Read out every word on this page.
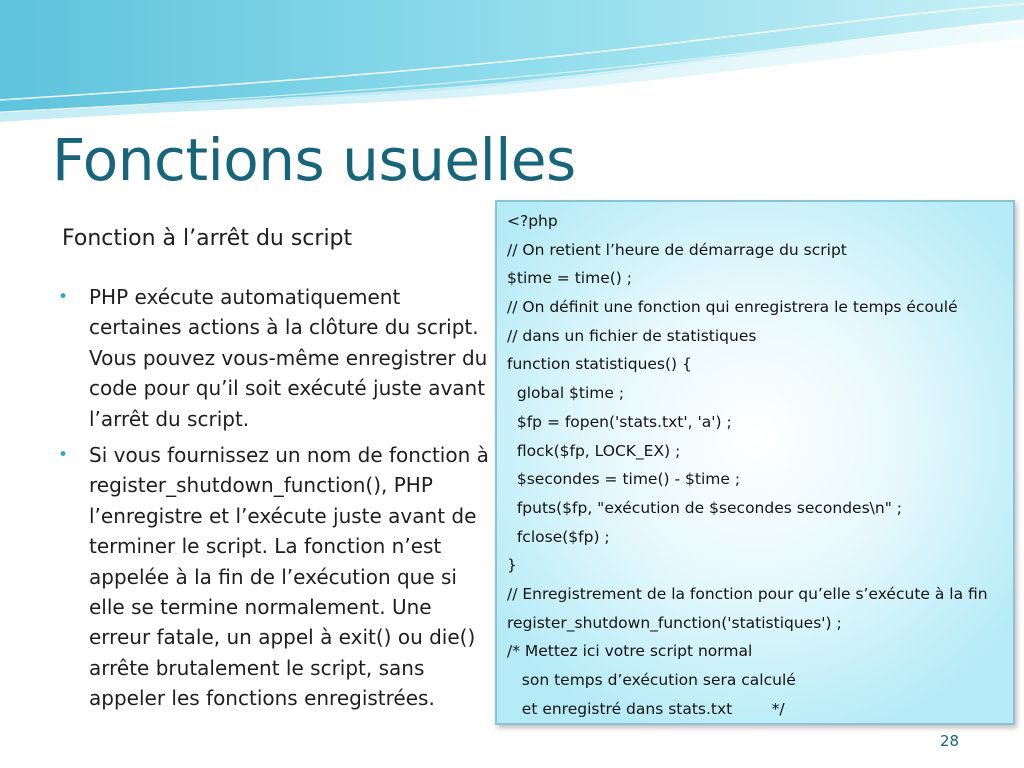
Fonctions usuelles
Fonction à l’arrêt du script
• PHP exécute automatiquement certaines actions à la clôture du script. Vous pouvez vous-même enregistrer du code pour qu’il soit exécuté juste avant l’arrêt du script.
• Si vous fournissez un nom de fonction à register_shutdown_function(), PHP l’enregistre et l’exécute juste avant de terminer le script. La fonction n’est appelée à la fin de l’exécution que si elle se termine normalement. Une erreur fatale, un appel à exit() ou die() arrête brutalement le script, sans appeler les fonctions enregistrées.
<?php
// On retient l’heure de démarrage du script
$time = time() ;
// On définit une fonction qui enregistrera le temps écoulé
// dans un fichier de statistiques
function statistiques() {
global $time ;
$fp = fopen('stats.txt', 'a') ;
flock($fp, LOCK_EX) ;
$secondes = time() - $time ;
fputs($fp, "exécution de $secondes secondes\n" ;
fclose($fp) ;
}
// Enregistrement de la fonction pour qu’elle s’exécute à la fin
register_shutdown_function('statistiques') ;
/* Mettez ici votre script normal
son temps d’exécution sera calculé
et enregistré dans stats.txt        */
28
